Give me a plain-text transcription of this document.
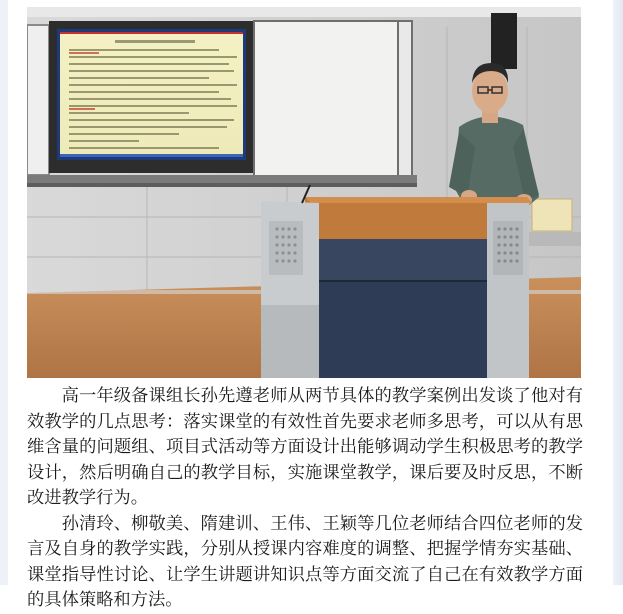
高一年级备课组长孙先遵老师从两节具体的教学案例出发谈了他对有效教学的几点思考：落实课堂的有效性首先要求老师多思考，可以从有思维含量的问题组、项目式活动等方面设计出能够调动学生积极思考的教学设计，然后明确自己的教学目标，实施课堂教学，课后要及时反思，不断改进教学行为。

孙清玲、柳敬美、隋建训、王伟、王颖等几位老师结合四位老师的发言及自身的教学实践，分别从授课内容难度的调整、把握学情夯实基础、课堂指导性讨论、让学生讲题讲知识点等方面交流了自己在有效教学方面的具体策略和方法。
